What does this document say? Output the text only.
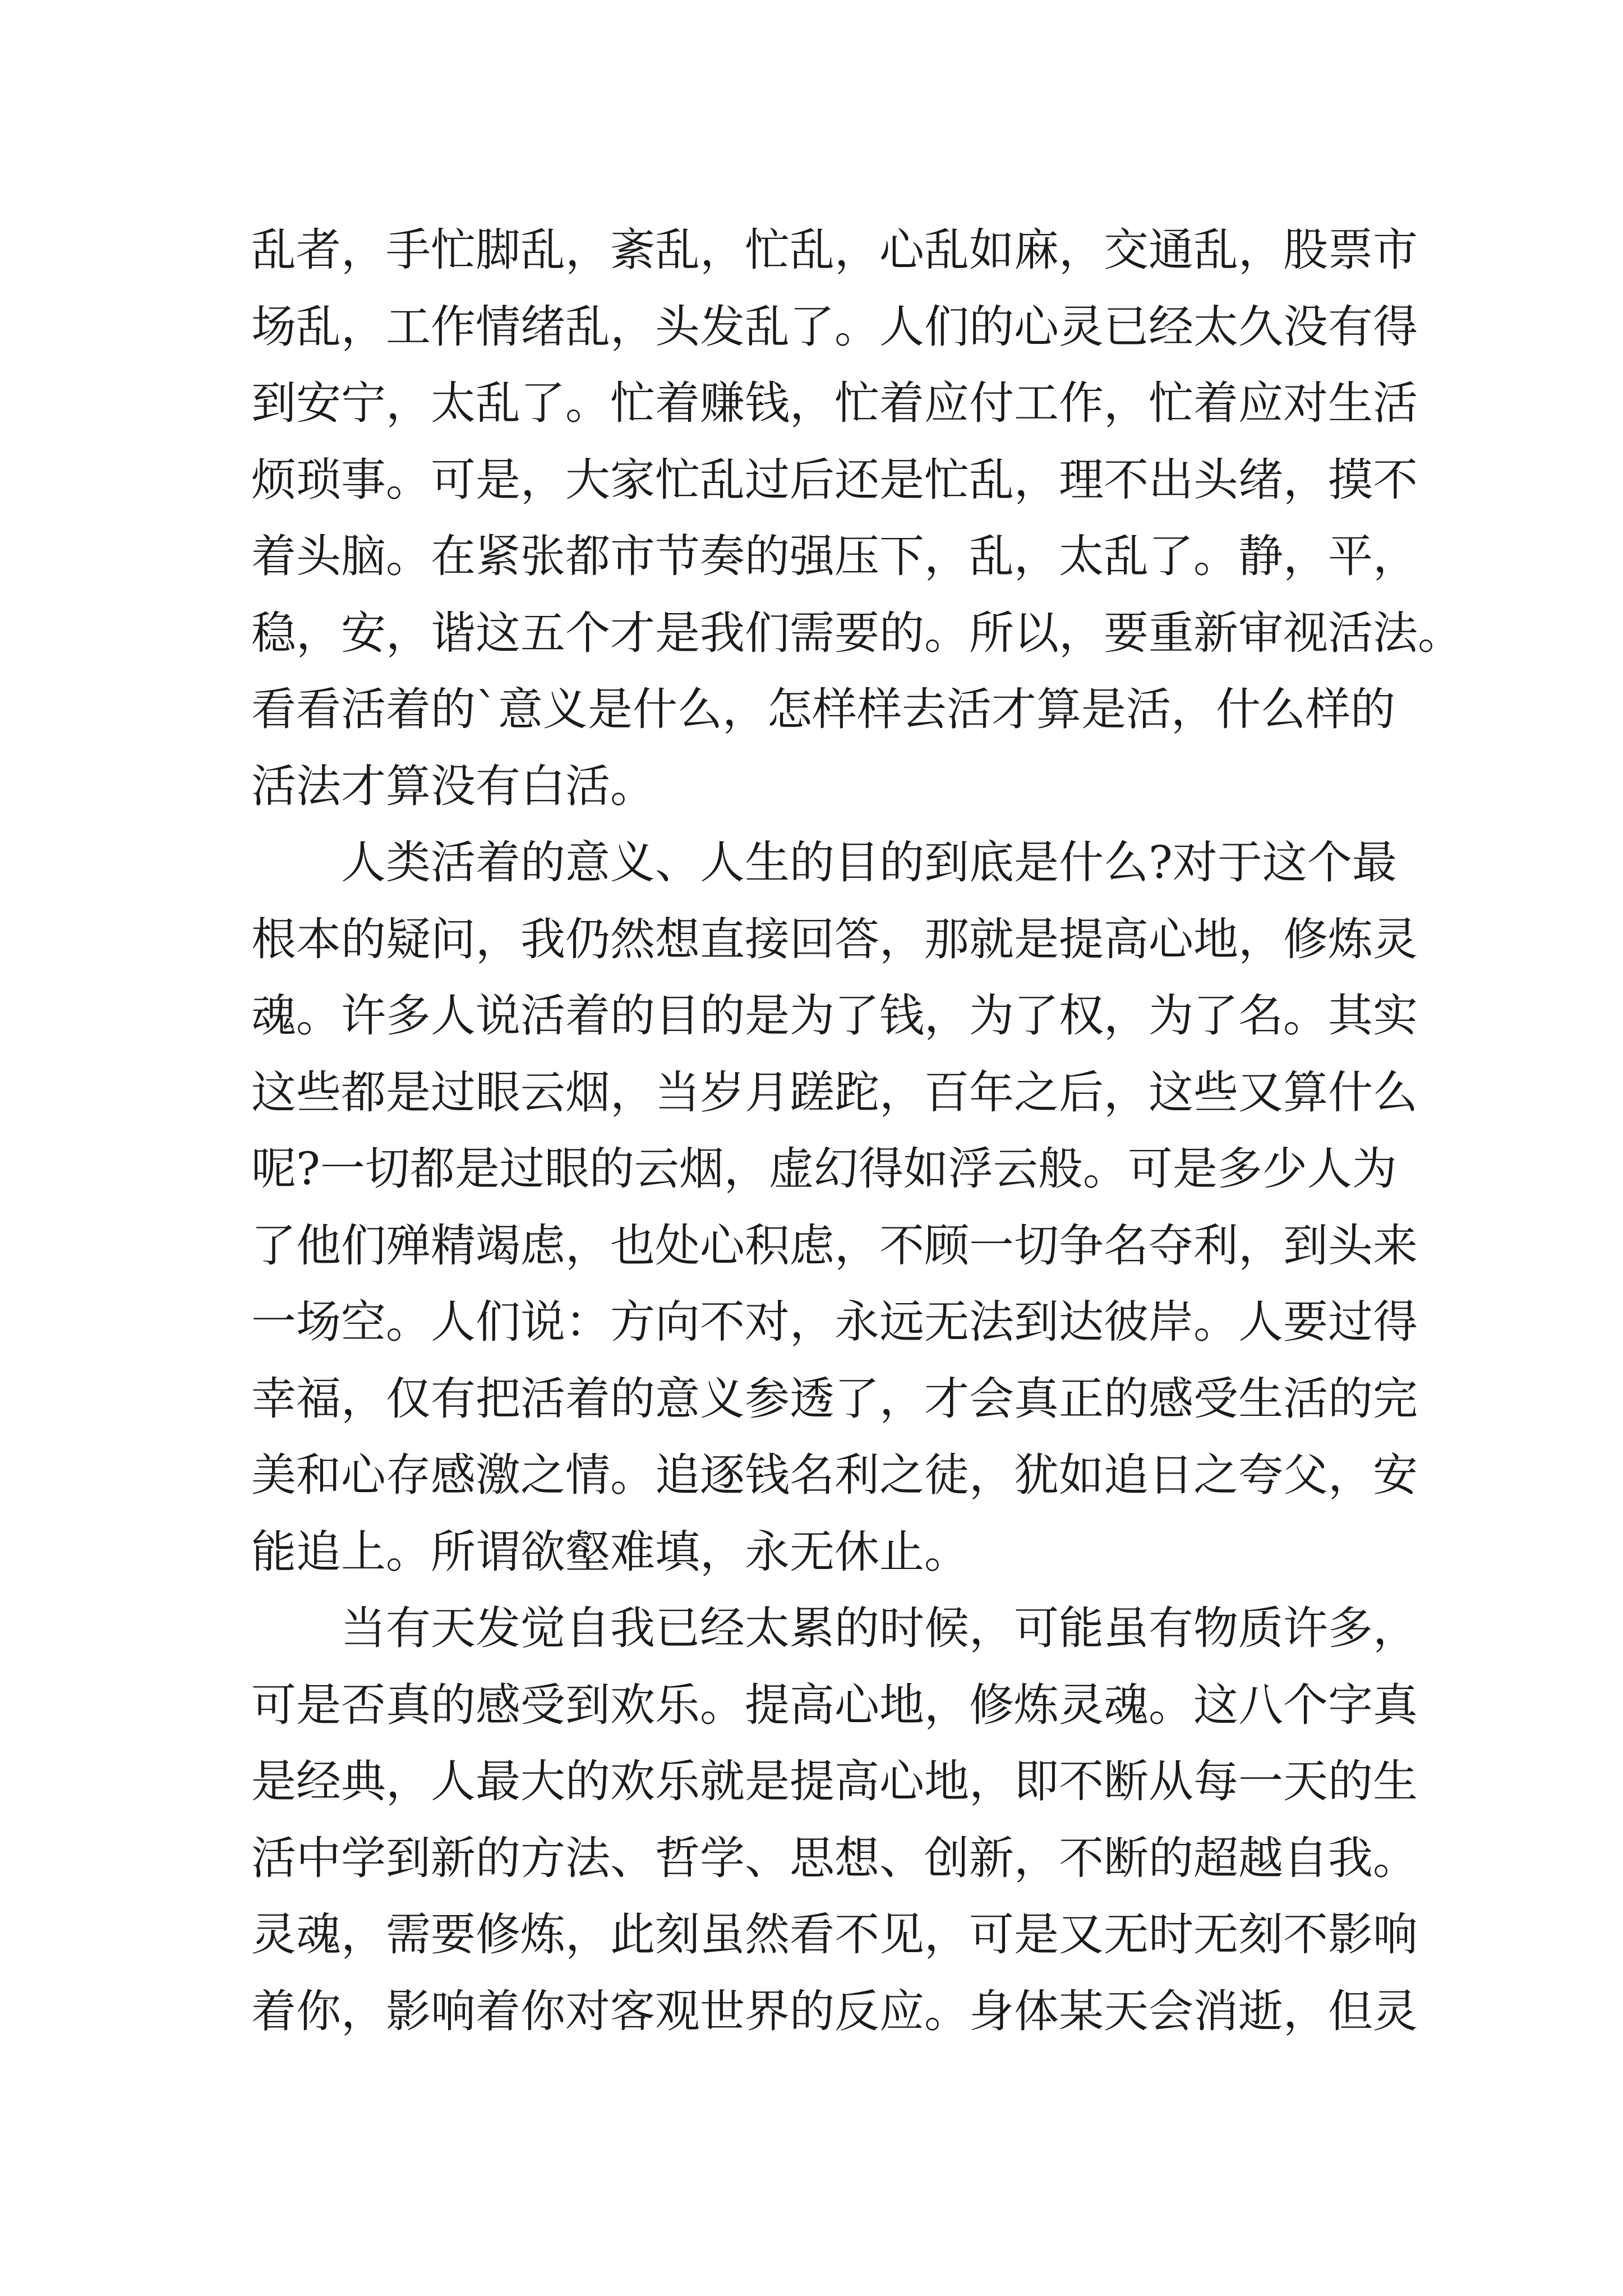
乱者，手忙脚乱，紊乱，忙乱，心乱如麻，交通乱，股票市
场乱，工作情绪乱，头发乱了。人们的心灵已经太久没有得
到安宁，太乱了。忙着赚钱，忙着应付工作，忙着应对生活
烦琐事。可是，大家忙乱过后还是忙乱，理不出头绪，摸不
着头脑。在紧张都市节奏的强压下，乱，太乱了。静，平，
稳，安，谐这五个才是我们需要的。所以，要重新审视活法。
看看活着的`意义是什么，怎样样去活才算是活，什么样的
活法才算没有白活。
人类活着的意义、人生的目的到底是什么?对于这个最
根本的疑问，我仍然想直接回答，那就是提高心地，修炼灵
魂。许多人说活着的目的是为了钱，为了权，为了名。其实
这些都是过眼云烟，当岁月蹉跎，百年之后，这些又算什么
呢?一切都是过眼的云烟，虚幻得如浮云般。可是多少人为
了他们殚精竭虑，也处心积虑，不顾一切争名夺利，到头来
一场空。人们说：方向不对，永远无法到达彼岸。人要过得
幸福，仅有把活着的意义参透了，才会真正的感受生活的完
美和心存感激之情。追逐钱名利之徒，犹如追日之夸父，安
能追上。所谓欲壑难填，永无休止。
当有天发觉自我已经太累的时候，可能虽有物质许多，
可是否真的感受到欢乐。提高心地，修炼灵魂。这八个字真
是经典，人最大的欢乐就是提高心地，即不断从每一天的生
活中学到新的方法、哲学、思想、创新，不断的超越自我。
灵魂，需要修炼，此刻虽然看不见，可是又无时无刻不影响
着你，影响着你对客观世界的反应。身体某天会消逝，但灵
